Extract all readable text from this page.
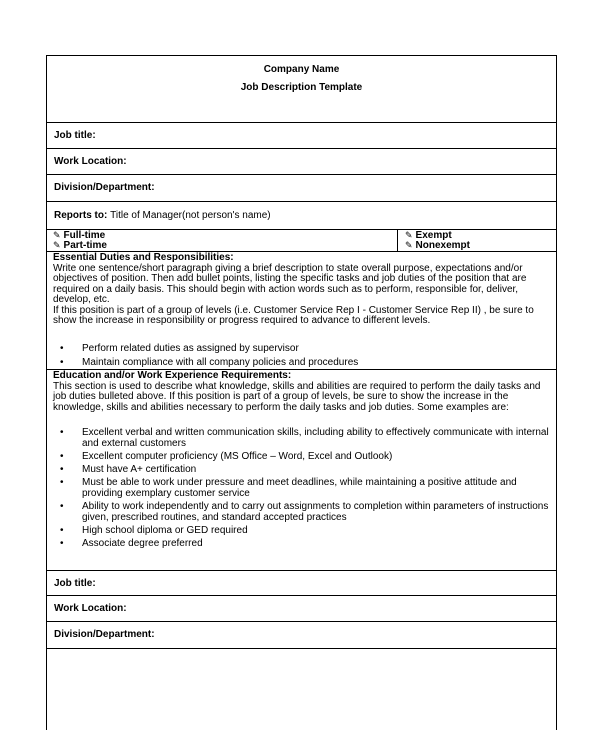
Company Name
Job Description Template
Job title:
Work Location:
Division/Department:
Reports to: Title of Manager(not person's name)
✎ Full-time
✎ Part-time
✎ Exempt
✎ Nonexempt
Essential Duties and Responsibilities:

Write one sentence/short paragraph giving a brief description to state overall purpose, expectations and/or objectives of position. Then add bullet points, listing the specific tasks and job duties of the position that are required on a daily basis. This should begin with action words such as to perform, responsible for, deliver, develop, etc.

If this position is part of a group of levels (i.e. Customer Service Rep I - Customer Service Rep II) , be sure to show the increase in responsibility or progress required to advance to different levels.

• Perform related duties as assigned by supervisor
• Maintain compliance with all company policies and procedures
Education and/or Work Experience Requirements:

This section is used to describe what knowledge, skills and abilities are required to perform the daily tasks and job duties bulleted above. If this position is part of a group of levels, be sure to show the increase in the knowledge, skills and abilities necessary to perform the daily tasks and job duties. Some examples are:

• Excellent verbal and written communication skills, including ability to effectively communicate with internal and external customers
• Excellent computer proficiency (MS Office – Word, Excel and Outlook)
• Must have A+ certification
• Must be able to work under pressure and meet deadlines, while maintaining a positive attitude and providing exemplary customer service
• Ability to work independently and to carry out assignments to completion within parameters of instructions given, prescribed routines, and standard accepted practices
• High school diploma or GED required
• Associate degree preferred
Job title:
Work Location:
Division/Department:
